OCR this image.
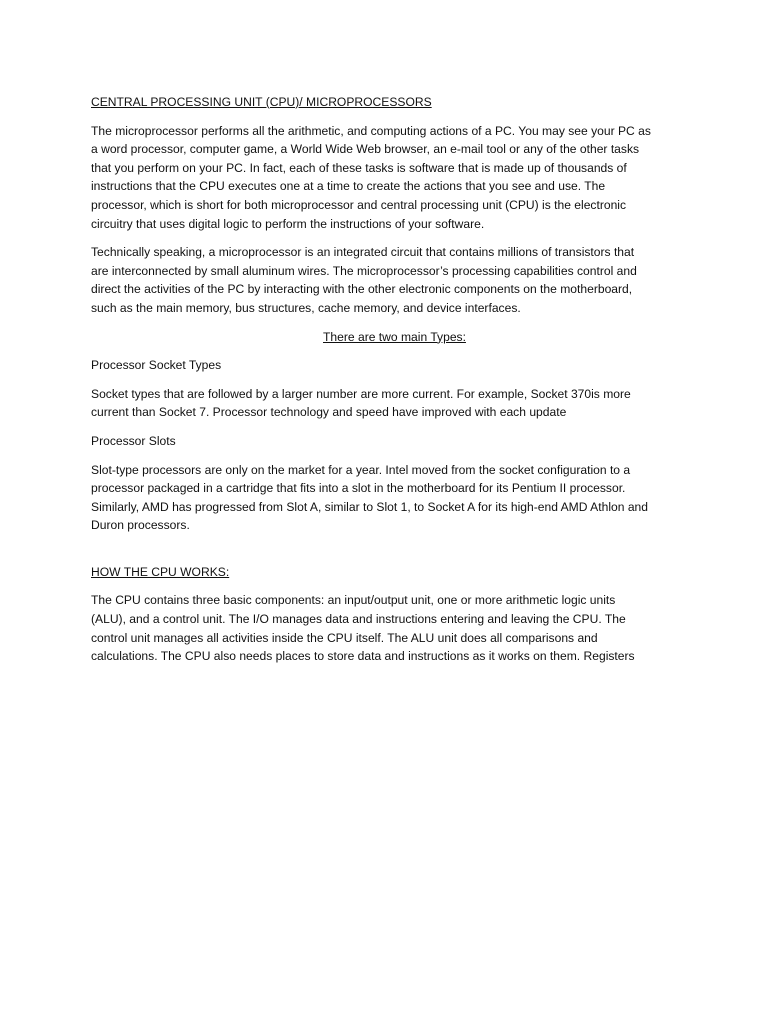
CENTRAL PROCESSING UNIT (CPU)/ MICROPROCESSORS

The microprocessor performs all the arithmetic, and computing actions of a PC. You may see your PC as
a word processor, computer game, a World Wide Web browser, an e-mail tool or any of the other tasks
that you perform on your PC. In fact, each of these tasks is software that is made up of thousands of
instructions that the CPU executes one at a time to create the actions that you see and use. The
processor, which is short for both microprocessor and central processing unit (CPU) is the electronic
circuitry that uses digital logic to perform the instructions of your software.

Technically speaking, a microprocessor is an integrated circuit that contains millions of transistors that
are interconnected by small aluminum wires. The microprocessor’s processing capabilities control and
direct the activities of the PC by interacting with the other electronic components on the motherboard,
such as the main memory, bus structures, cache memory, and device interfaces.

There are two main Types:
Processor Socket Types

Socket types that are followed by a larger number are more current. For example, Socket 370is more
current than Socket 7. Processor technology and speed have improved with each update

Processor Slots

Slot-type processors are only on the market for a year. Intel moved from the socket configuration to a
processor packaged in a cartridge that fits into a slot in the motherboard for its Pentium II processor.
Similarly, AMD has progressed from Slot A, similar to Slot 1, to Socket A for its high-end AMD Athlon and
Duron processors.

HOW THE CPU WORKS:

The CPU contains three basic components: an input/output unit, one or more arithmetic logic units
(ALU), and a control unit. The I/O manages data and instructions entering and leaving the CPU. The
control unit manages all activities inside the CPU itself. The ALU unit does all comparisons and
calculations. The CPU also needs places to store data and instructions as it works on them. Registers
